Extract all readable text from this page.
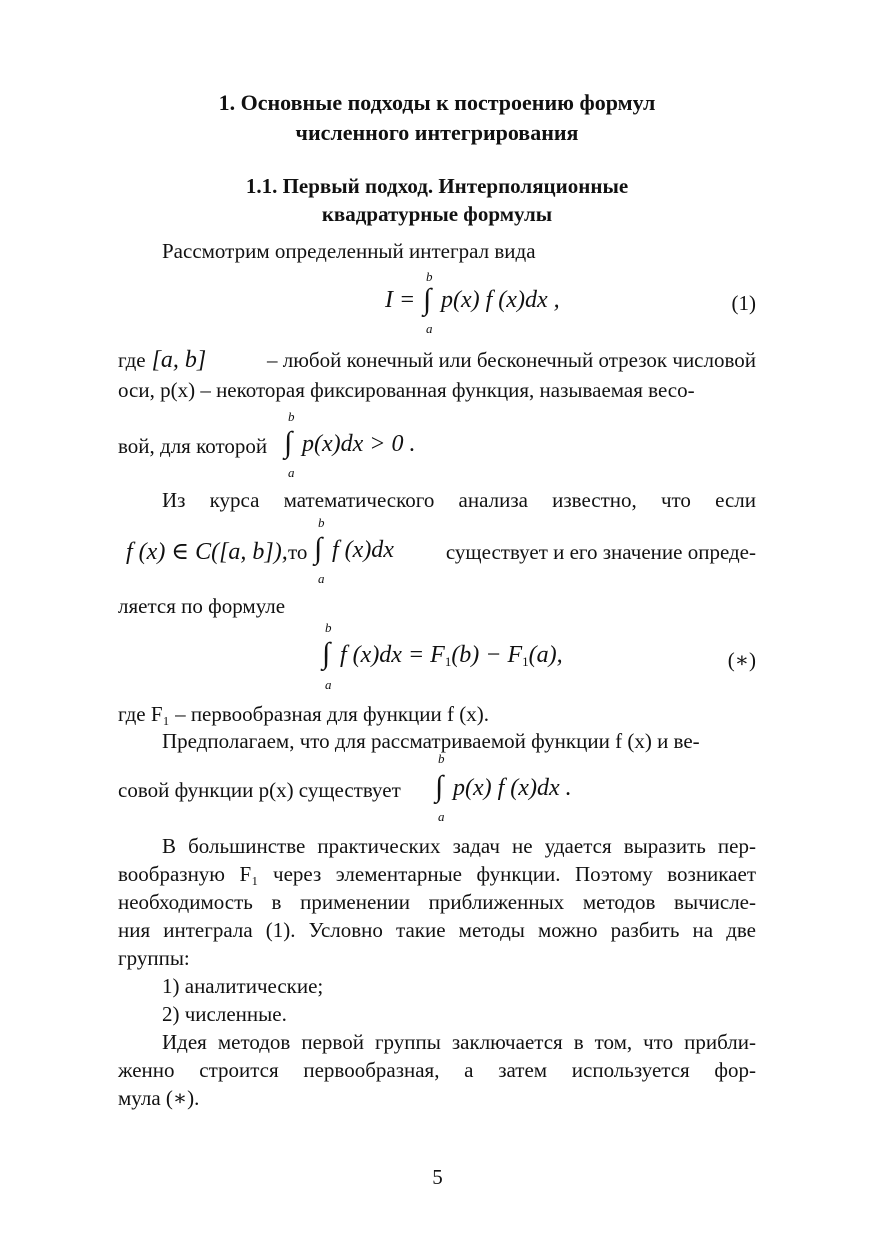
1. Основные подходы к построению формул
численного интегрирования
1.1. Первый подход. Интерполяционные
квадратурные формулы
Рассмотрим определенный интеграл вида
b
I = ∫ p(x) f (x)dx ,
a
(1)
где [a, b]	– любой конечный или бесконечный отрезок числовой
оси, p(x) – некоторая фиксированная функция, называемая весо-
вой, для которой
b
∫ p(x)dx > 0 .
a
Из курса математического анализа известно, что если
f (x) ∈ C([a, b]), то
b
∫ f (x)dx
a
существует и его значение опреде-
ляется по формуле
b
∫ f $(x)dx = F_1(b) - F_1(a)$,
a
(∗)
где F₁ – первообразная для функции f (x).
Предполагаем, что для рассматриваемой функции f (x) и ве-
совой функции p(x) существует
b
∫ p(x) f (x)dx .
a
В большинстве практических задач не удается выразить пер-
вообразную F₁ через элементарные функции. Поэтому возникает
необходимость в применении приближенных методов вычисле-
ния интеграла (1). Условно такие методы можно разбить на две
группы:
1) аналитические;
2) численные.
Идея методов первой группы заключается в том, что прибли-
женно строится первообразная, а затем используется фор-
мула (∗).
5
